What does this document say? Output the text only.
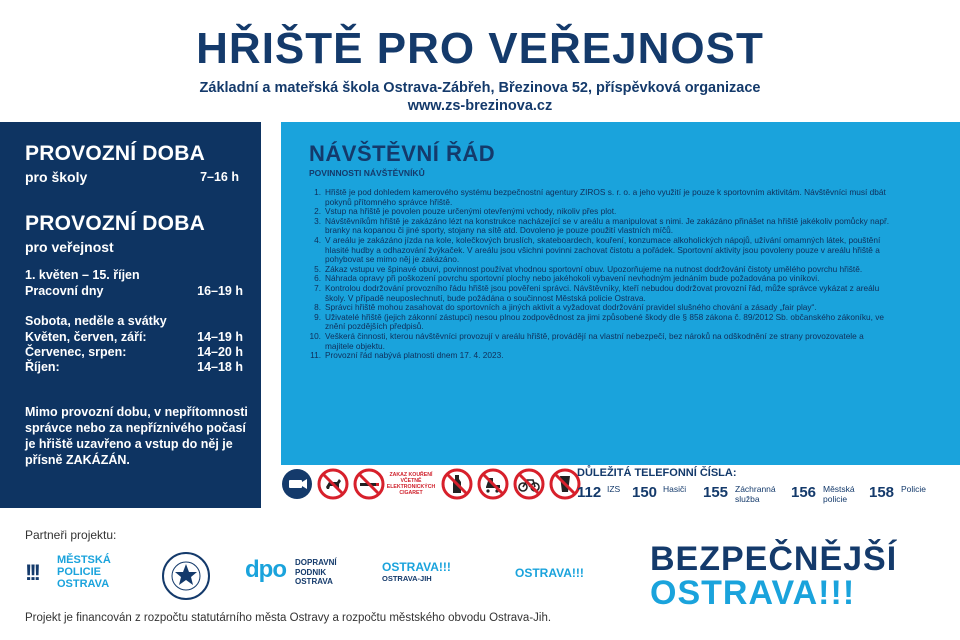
HŘIŠTĚ PRO VEŘEJNOST
Základní a mateřská škola Ostrava-Zábřeh, Březinova 52, příspěvková organizace
www.zs-brezinova.cz
PROVOZNÍ DOBA
pro školy	7–16 h
PROVOZNÍ DOBA
pro veřejnost
1. květen – 15. říjen
Pracovní dny	16–19 h
Sobota, neděle a svátky
Květen, červen, září:	14–19 h
Červenec, srpen:	14–20 h
Říjen:	14–18 h
Mimo provozní dobu, v nepřítomnosti správce nebo za nepříznivého počasí je hřiště uzavřeno a vstup do něj je přísně ZAKÁZÁN.
NÁVŠTĚVNÍ ŘÁD
POVINNOSTI NÁVŠTĚVNÍKŮ
1. Hřiště je pod dohledem kamerového systému bezpečnostní agentury ZIROS s. r. o. a jeho využití je pouze k sportovním aktivitám. Návštěvníci musí dbát pokynů přítomného správce hřiště.
2. Vstup na hřiště je povolen pouze určenými otevřenými vchody, nikoliv přes plot.
3. Návštěvníkům hřiště je zakázáno lézt na konstrukce nacházející se v areálu a manipulovat s nimi. Je zakázáno přinášet na hřiště jakékoliv pomůcky např. branky na kopanou či jiné sporty, stojany na sítě atd. Dovoleno je pouze použití vlastních míčů.
4. V areálu je zakázáno jízda na kole, kolečkových bruslích, skateboardech, kouření, konzumace alkoholických nápojů, užívání omamných látek, pouštění hlasité hudby a odhazování žvýkaček. V areálu jsou všichni povinni zachovat čistotu a pořádek. Sportovní aktivity jsou povoleny pouze v areálu hřiště a pohybovat se mimo něj je zakázáno.
5. Zákaz vstupu ve špinavé obuvi, povinnost používat vhodnou sportovní obuv. Upozorňujeme na nutnost dodržování čistoty umělého povrchu hřiště.
6. Náhrada opravy při poškození povrchu sportovní plochy nebo jakéhokoli vybavení nevhodným jednáním bude požadována po viníkovi.
7. Kontrolou dodržování provozního řádu hřiště jsou pověřeni správci. Návštěvníky, kteří nebudou dodržovat provozní řád, může správce vykázat z areálu školy. V případě neuposlechnutí, bude požádána o součinnost Městská policie Ostrava.
8. Správci hřiště mohou zasahovat do sportovních a jiných aktivit a vyžadovat dodržování pravidel slušného chování a zásady „fair play“.
9. Uživatelé hřiště (jejich zákonní zástupci) nesou plnou zodpovědnost za jimi způsobené škody dle § 858 zákona č. 89/2012 Sb. občanského zákoníku, ve znění pozdějších předpisů.
10. Veškerá činnosti, kterou návštěvníci provozují v areálu hřiště, provádějí na vlastní nebezpečí, bez nároků na odškodnění ze strany provozovatele a majitele objektu.
11. Provozní řád nabývá platnosti dnem 17. 4. 2023.
ZAKAZ KOUŘENÍ VČETNĚ ELEKTRONICKÝCH CIGARET
DŮLEŽITÁ TELEFONNÍ ČÍSLA:
112 IZS 150 Hasiči 155 Záchranná služba	156 Městská policie	158 Policie
Partneři projektu:
!!! MĚSTSKÁ POLICIE OSTRAVA
dpo DOPRAVNÍ PODNIK OSTRAVA
OSTRAVA!!!
OSTRAVA-JIH	OSTRAVA!!!	BEZPEČNĚJŠÍ
OSTRAVA!!!
Projekt je financován z rozpočtu statutárního města Ostravy a rozpočtu městského obvodu Ostrava-Jih.
